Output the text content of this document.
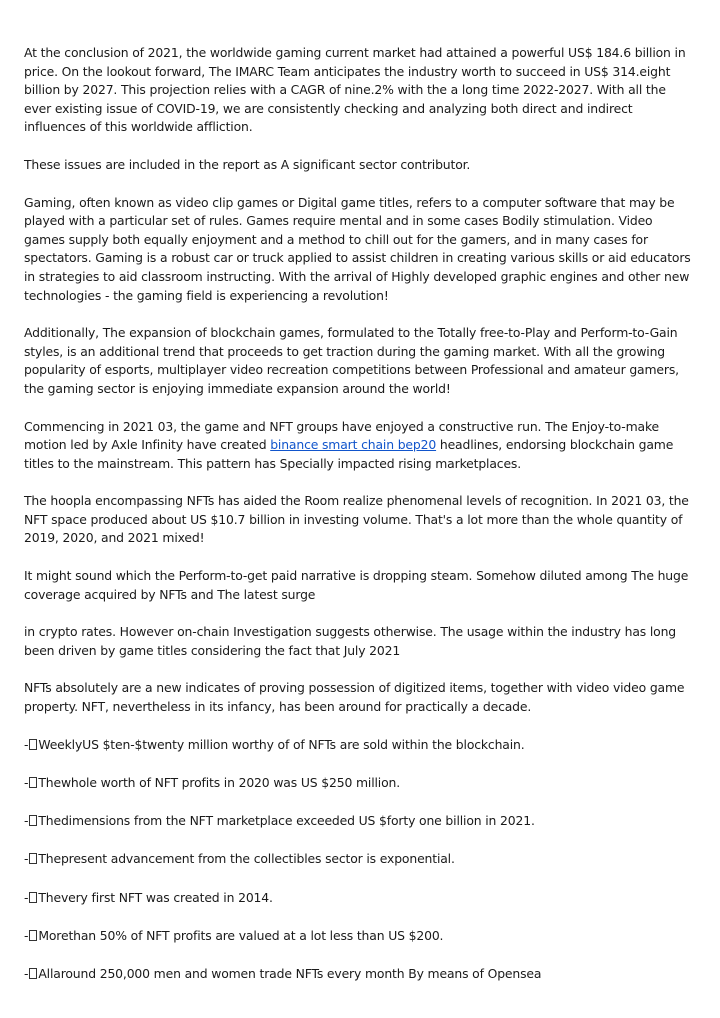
At the conclusion of 2021, the worldwide gaming current market had attained a powerful US$ 184.6 billion in price. On the lookout forward, The IMARC Team anticipates the industry worth to succeed in US$ 314.eight billion by 2027. This projection relies with a CAGR of nine.2% with the a long time 2022-2027. With all the ever existing issue of COVID-19, we are consistently checking and analyzing both direct and indirect influences of this worldwide affliction.

These issues are included in the report as A significant sector contributor.

Gaming, often known as video clip games or Digital game titles, refers to a computer software that may be played with a particular set of rules. Games require mental and in some cases Bodily stimulation. Video games supply both equally enjoyment and a method to chill out for the gamers, and in many cases for spectators. Gaming is a robust car or truck applied to assist children in creating various skills or aid educators in strategies to aid classroom instructing. With the arrival of Highly developed graphic engines and other new technologies - the gaming field is experiencing a revolution!

Additionally, The expansion of blockchain games, formulated to the Totally free-to-Play and Perform-to-Gain styles, is an additional trend that proceeds to get traction during the gaming market. With all the growing popularity of esports, multiplayer video recreation competitions between Professional and amateur gamers, the gaming sector is enjoying immediate expansion around the world!

Commencing in 2021 03, the game and NFT groups have enjoyed a constructive run. The Enjoy-to-make motion led by Axle Infinity have created binance smart chain bep20 headlines, endorsing blockchain game titles to the mainstream. This pattern has Specially impacted rising marketplaces.

The hoopla encompassing NFTs has aided the Room realize phenomenal levels of recognition. In 2021 03, the NFT space produced about US $10.7 billion in investing volume. That's a lot more than the whole quantity of 2019, 2020, and 2021 mixed!

It might sound which the Perform-to-get paid narrative is dropping steam. Somehow diluted among The huge coverage acquired by NFTs and The latest surge

in crypto rates. However on-chain Investigation suggests otherwise. The usage within the industry has long been driven by game titles considering the fact that July 2021

NFTs absolutely are a new indicates of proving possession of digitized items, together with video video game property. NFT, nevertheless in its infancy, has been around for practically a decade.

- WeeklyUS $ten-$twenty million worthy of of NFTs are sold within the blockchain.

- Thewhole worth of NFT profits in 2020 was US $250 million.

- Thedimensions from the NFT marketplace exceeded US $forty one billion in 2021.

- Thepresent advancement from the collectibles sector is exponential.

- Thevery first NFT was created in 2014.

- Morethan 50% of NFT profits are valued at a lot less than US $200.

- Allaround 250,000 men and women trade NFTs every month By means of Opensea
